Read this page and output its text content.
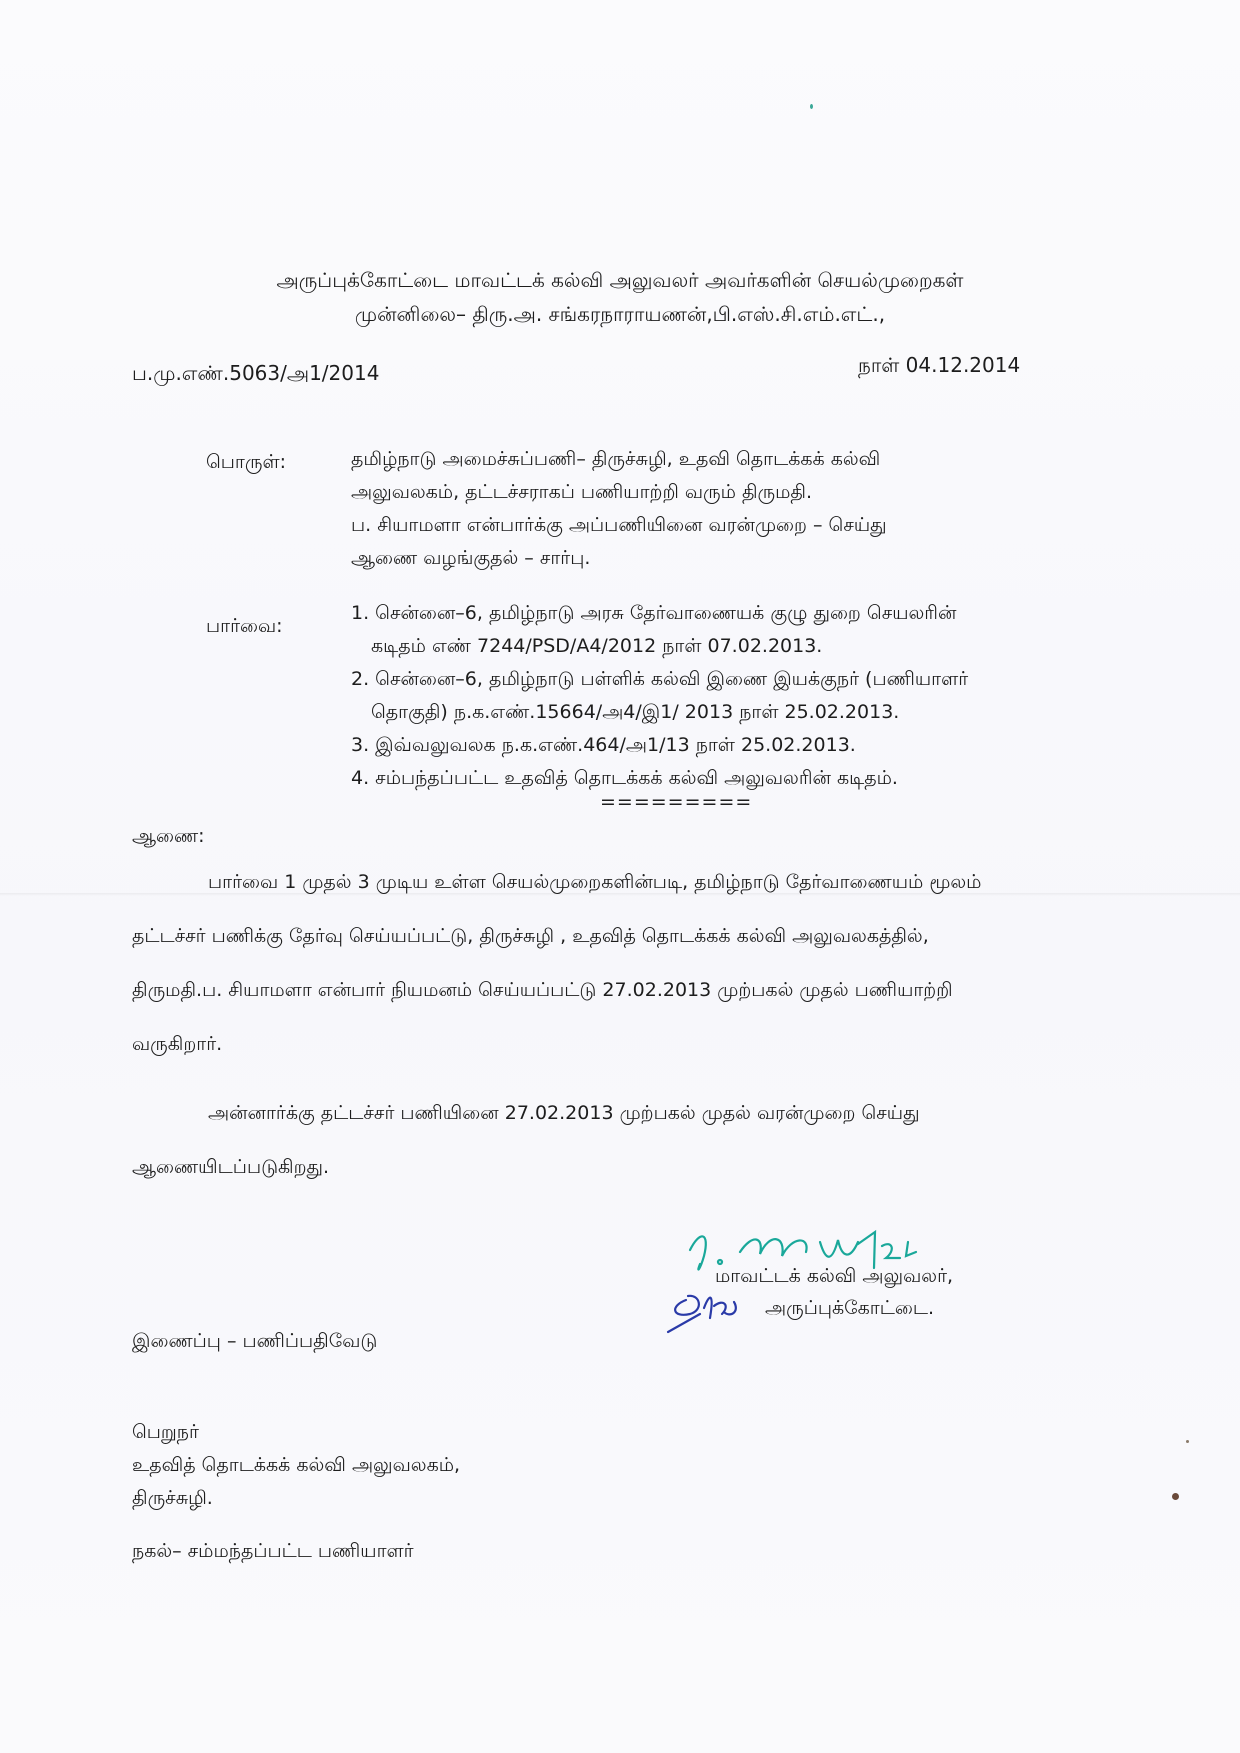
அருப்புக்கோட்டை மாவட்டக் கல்வி அலுவலர் அவர்களின் செயல்முறைகள்
முன்னிலை– திரு.அ. சங்கரநாராயணன்,பி.எஸ்.சி.எம்.எட்.,
ப.மு.எண்.5063/அ1/2014	நாள் 04.12.2014
பொருள்:	தமிழ்நாடு அமைச்சுப்பணி– திருச்சுழி, உதவி தொடக்கக் கல்வி
அலுவலகம், தட்டச்சராகப் பணியாற்றி வரும் திருமதி.
ப. சியாமளா என்பார்க்கு அப்பணியினை வரன்முறை – செய்து
ஆணை வழங்குதல் – சார்பு.
பார்வை:
1. சென்னை–6, தமிழ்நாடு அரசு தேர்வாணையக் குழு துறை செயலரின்
கடிதம் எண் 7244/PSD/A4/2012 நாள் 07.02.2013.
2. சென்னை–6, தமிழ்நாடு பள்ளிக் கல்வி இணை இயக்குநர் (பணியாளர்
தொகுதி) ந.க.எண்.15664/அ4/இ1/ 2013 நாள் 25.02.2013.
3. இவ்வலுவலக ந.க.எண்.464/அ1/13 நாள் 25.02.2013.
4. சம்பந்தப்பட்ட உதவித் தொடக்கக் கல்வி அலுவலரின் கடிதம்.
=========
ஆணை:
பார்வை 1 முதல் 3 முடிய உள்ள செயல்முறைகளின்படி, தமிழ்நாடு தேர்வாணையம் மூலம்
தட்டச்சர் பணிக்கு தேர்வு செய்யப்பட்டு, திருச்சுழி , உதவித் தொடக்கக் கல்வி அலுவலகத்தில்,
திருமதி.ப. சியாமளா என்பார் நியமனம் செய்யப்பட்டு 27.02.2013 முற்பகல் முதல் பணியாற்றி
வருகிறார்.
அன்னார்க்கு தட்டச்சர் பணியினை 27.02.2013 முற்பகல் முதல் வரன்முறை செய்து
ஆணையிடப்படுகிறது.
மாவட்டக் கல்வி அலுவலர்,
அருப்புக்கோட்டை.
இணைப்பு – பணிப்பதிவேடு
பெறுநர்
உதவித் தொடக்கக் கல்வி அலுவலகம்,
திருச்சுழி.
நகல்– சம்மந்தப்பட்ட பணியாளர்
